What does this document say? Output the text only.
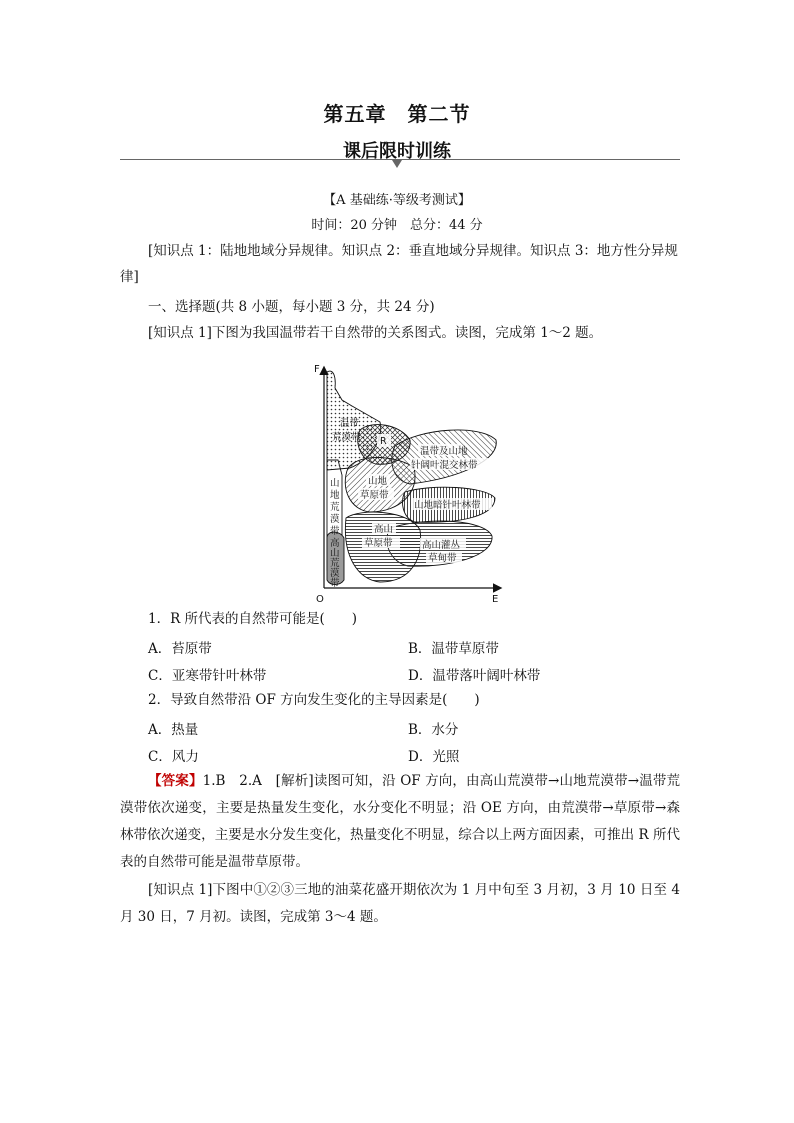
第五章　第二节
课后限时训练
【A 基础练·等级考测试】
时间：20 分钟　总分：44 分
[知识点 1：陆地地域分异规律。知识点 2：垂直地域分异规律。知识点 3：地方性分异规律]
一、选择题(共 8 小题，每小题 3 分，共 24 分)
[知识点 1]下图为我国温带若干自然带的关系图式。读图，完成第 1～2 题。
温带
荒漠带 R
温带及山地
针阔叶混交林带
山地
草原带
山地暗针叶林带
山
地
荒
漠
带	高山
草原带	高山灌丛
草甸带
高
山
荒
漠
带
F
E
O
1．R 所代表的自然带可能是(　　)
A．苔原带	B．温带草原带
C．亚寒带针叶林带	D．温带落叶阔叶林带
2．导致自然带沿 OF 方向发生变化的主导因素是(　　)
A．热量	B．水分
C．风力	D．光照
【答案】1.B　2.A　[解析]读图可知，沿 OF 方向，由高山荒漠带→山地荒漠带→温带荒漠带依次递变，主要是热量发生变化，水分变化不明显；沿 OE 方向，由荒漠带→草原带→森林带依次递变，主要是水分发生变化，热量变化不明显，综合以上两方面因素，可推出 R 所代表的自然带可能是温带草原带。
[知识点 1]下图中①②③三地的油菜花盛开期依次为 1 月中旬至 3 月初，3 月 10 日至 4 月 30 日，7 月初。读图，完成第 3～4 题。
